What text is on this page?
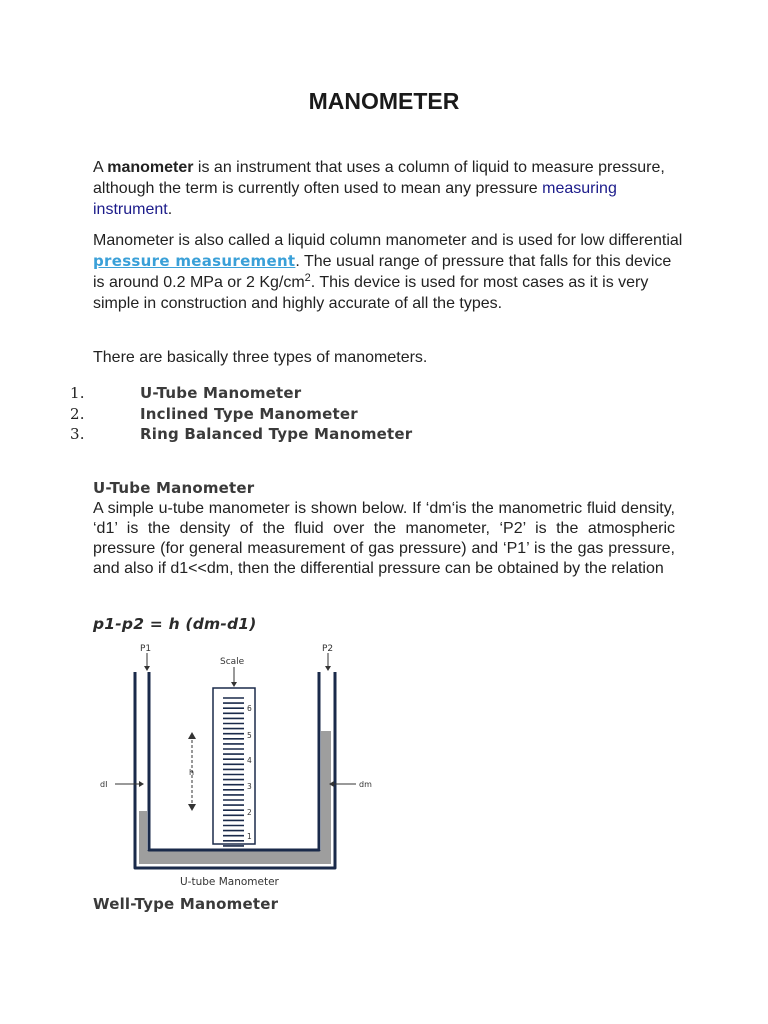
MANOMETER
A manometer is an instrument that uses a column of liquid to measure pressure, although the term is currently often used to mean any pressure measuring instrument.
Manometer is also called a liquid column manometer and is used for low differential pressure measurement. The usual range of pressure that falls for this device is around 0.2 MPa or 2 $Kg/cm^2$. This device is used for most cases as it is very simple in construction and highly accurate of all the types.
There are basically three types of manometers.
1.	U-Tube Manometer
2.	Inclined Type Manometer
3.	Ring Balanced Type Manometer
U-Tube Manometer
A simple u-tube manometer is shown below. If ‘dm‘is the manometric fluid density, ‘d1’ is the density of the fluid over the manometer, ‘P2’ is the atmospheric pressure (for general measurement of gas pressure) and ‘P1’ is the gas pressure, and also if d1<<dm, then the differential pressure can be obtained by the relation
p1-p2 = h (dm-d1)
P1	P2
Scale
6
5
4
3
2
1
h
dI	dm
U-tube Manometer
Well-Type Manometer
